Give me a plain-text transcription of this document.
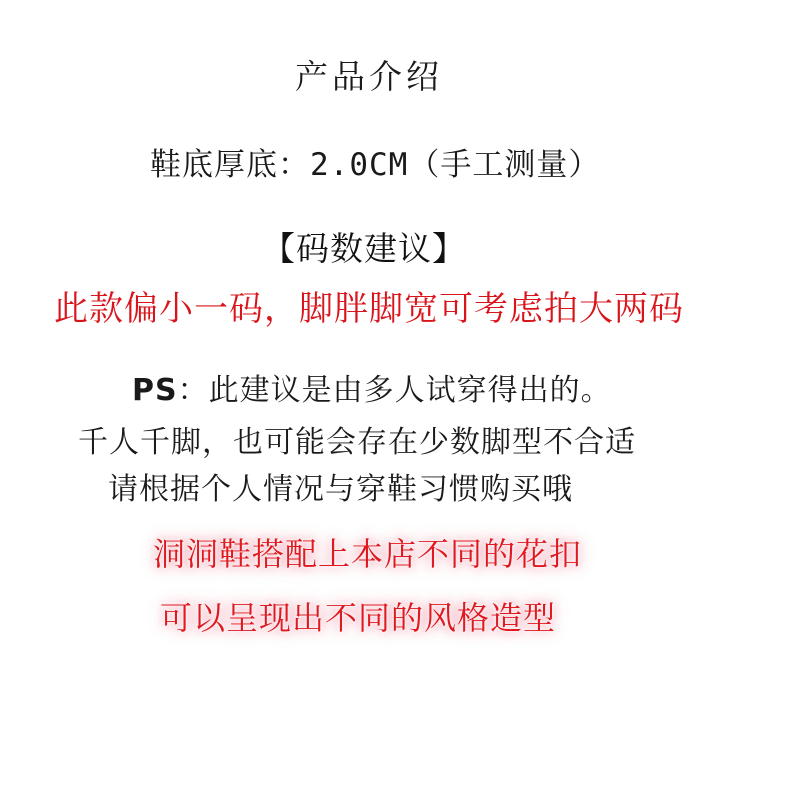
产品介绍
鞋底厚底：2.0CM（手工测量）
【码数建议】
此款偏小一码，脚胖脚宽可考虑拍大两码
PS：此建议是由多人试穿得出的。
千人千脚，也可能会存在少数脚型不合适
请根据个人情况与穿鞋习惯购买哦
洞洞鞋搭配上本店不同的花扣
可以呈现出不同的风格造型
